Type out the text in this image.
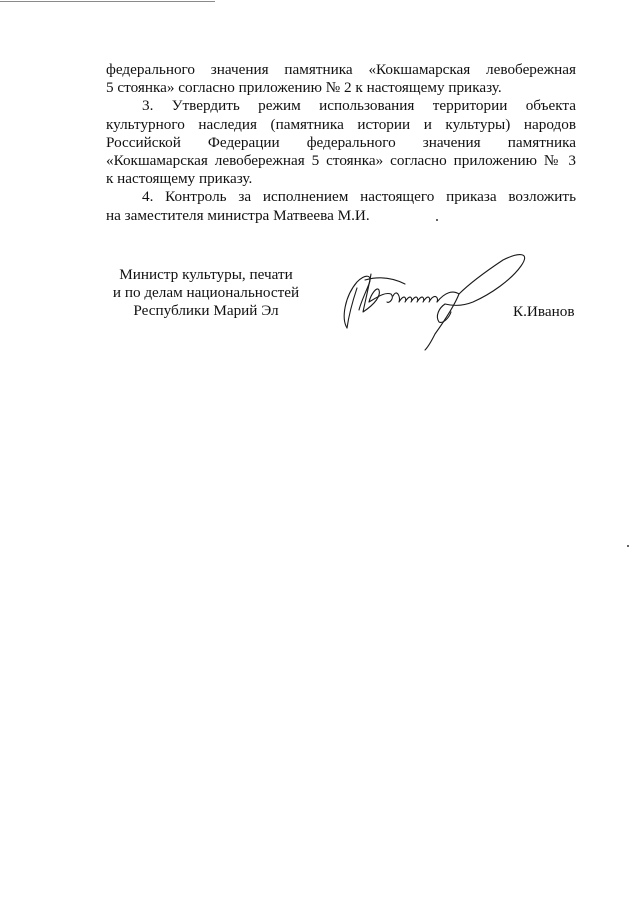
федерального значения памятника «Кокшамарская левобережная

5 стоянка» согласно приложению № 2 к настоящему приказу.

3. Утвердить режим использования территории объекта

культурного наследия (памятника истории и культуры) народов

Российской Федерации федерального значения памятника

«Кокшамарская левобережная 5 стоянка» согласно приложению № 3

к настоящему приказу.

4. Контроль за исполнением настоящего приказа возложить

на заместителя министра Матвеева М.И.

Министр культуры, печати
и по делам национальностей
Республики Марий Эл	К.Иванов
